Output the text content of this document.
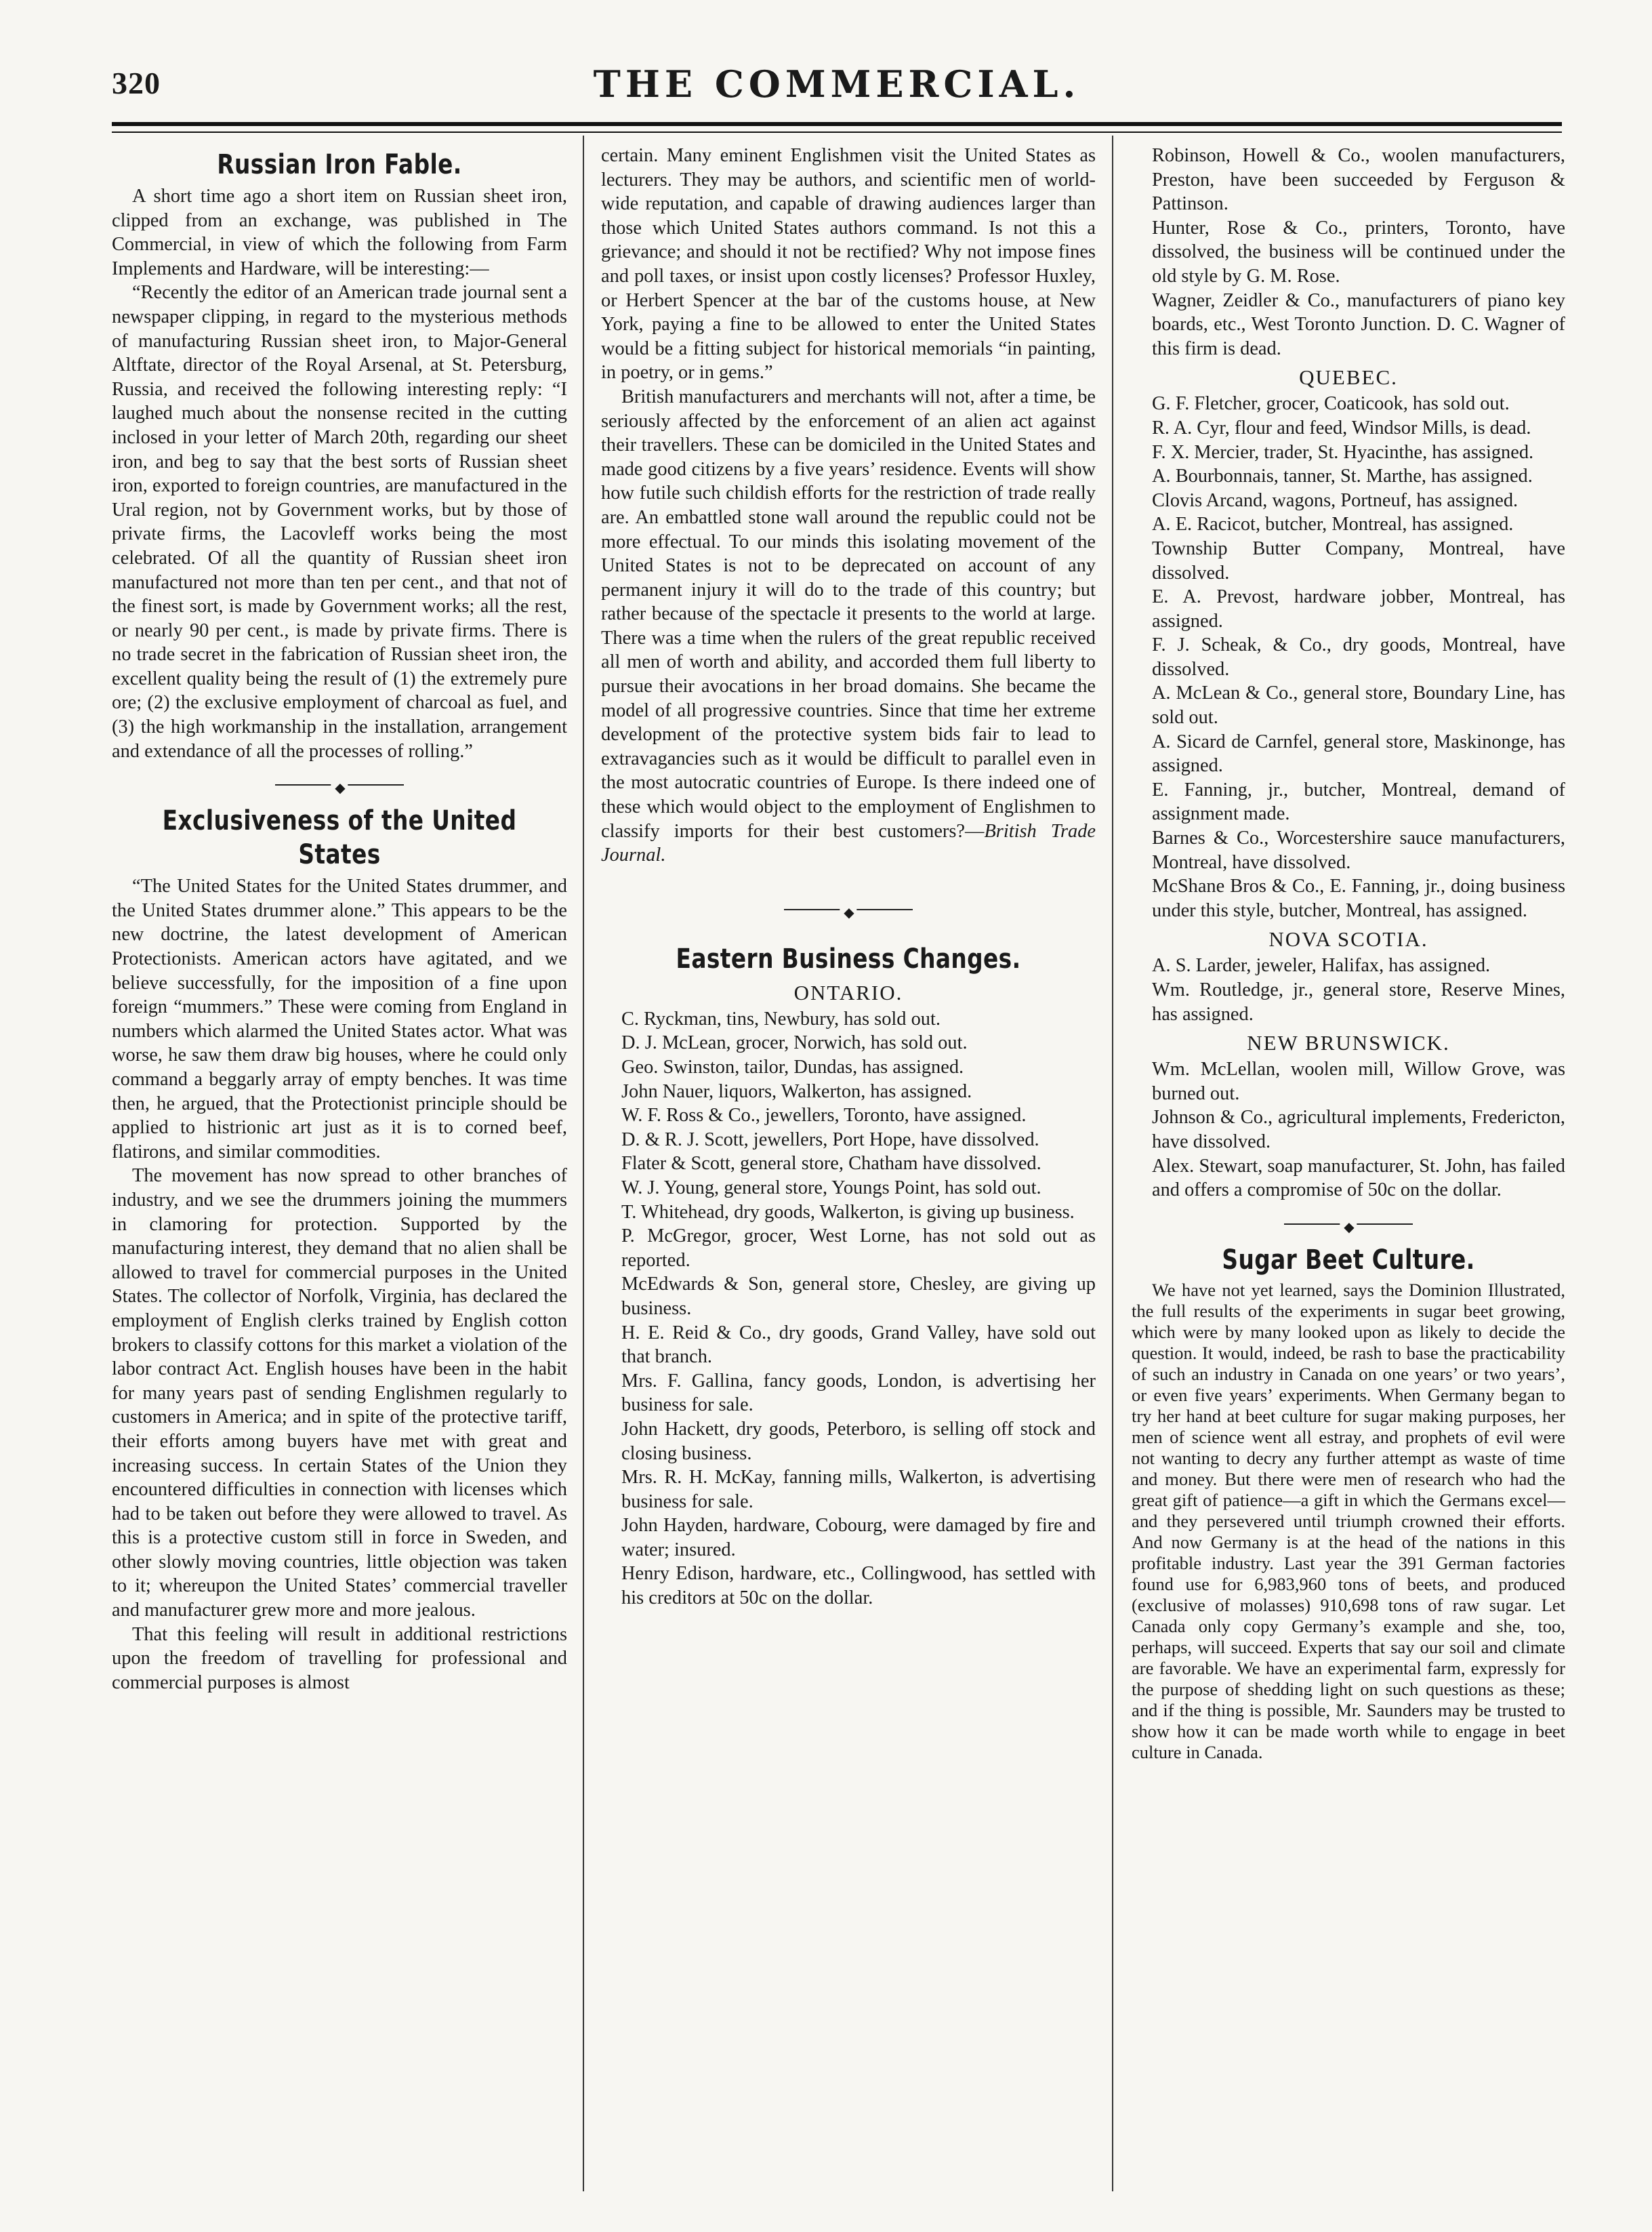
320	THE COMMERCIAL.
Russian Iron Fable.

A short time ago a short item on Russian sheet iron, clipped from an exchange, was published in The Commercial, in view of which the following from Farm Implements and Hardware, will be interesting:—

“Recently the editor of an American trade journal sent a newspaper clipping, in regard to the mysterious methods of manufacturing Russian sheet iron, to Major-General Altftate, director of the Royal Arsenal, at St. Petersburg, Russia, and received the following interesting reply: “I laughed much about the nonsense recited in the cutting inclosed in your letter of March 20th, regarding our sheet iron, and beg to say that the best sorts of Russian sheet iron, exported to foreign countries, are manufactured in the Ural region, not by Government works, but by those of private firms, the Lacovleff works being the most celebrated. Of all the quantity of Russian sheet iron manufactured not more than ten per cent., and that not of the finest sort, is made by Government works; all the rest, or nearly 90 per cent., is made by private firms. There is no trade secret in the fabrication of Russian sheet iron, the excellent quality being the result of (1) the extremely pure ore; (2) the exclusive employment of charcoal as fuel, and (3) the high workmanship in the installation, arrangement and extendance of all the processes of rolling.”

◆
Exclusiveness of the United States

“The United States for the United States drummer, and the United States drummer alone.” This appears to be the new doctrine, the latest development of American Protectionists. American actors have agitated, and we believe successfully, for the imposition of a fine upon foreign “mummers.” These were coming from England in numbers which alarmed the United States actor. What was worse, he saw them draw big houses, where he could only command a beggarly array of empty benches. It was time then, he argued, that the Protectionist principle should be applied to histrionic art just as it is to corned beef, flatirons, and similar commodities.

The movement has now spread to other branches of industry, and we see the drummers joining the mummers in clamoring for protection. Supported by the manufacturing interest, they demand that no alien shall be allowed to travel for commercial purposes in the United States. The collector of Norfolk, Virginia, has declared the employment of English clerks trained by English cotton brokers to classify cottons for this market a violation of the labor contract Act. English houses have been in the habit for many years past of sending Englishmen regularly to customers in America; and in spite of the protective tariff, their efforts among buyers have met with great and increasing success. In certain States of the Union they encountered difficulties in connection with licenses which had to be taken out before they were allowed to travel. As this is a protective custom still in force in Sweden, and other slowly moving countries, little objection was taken to it; whereupon the United States’ commercial traveller and manufacturer grew more and more jealous.

That this feeling will result in additional restrictions upon the freedom of travelling for professional and commercial purposes is almost

certain. Many eminent Englishmen visit the United States as lecturers. They may be authors, and scientific men of world-wide reputation, and capable of drawing audiences larger than those which United States authors command. Is not this a grievance; and should it not be rectified? Why not impose fines and poll taxes, or insist upon costly licenses? Professor Huxley, or Herbert Spencer at the bar of the customs house, at New York, paying a fine to be allowed to enter the United States would be a fitting subject for historical memorials “in painting, in poetry, or in gems.”

British manufacturers and merchants will not, after a time, be seriously affected by the enforcement of an alien act against their travellers. These can be domiciled in the United States and made good citizens by a five years’ residence. Events will show how futile such childish efforts for the restriction of trade really are. An embattled stone wall around the republic could not be more effectual. To our minds this isolating movement of the United States is not to be deprecated on account of any permanent injury it will do to the trade of this country; but rather because of the spectacle it presents to the world at large. There was a time when the rulers of the great republic received all men of worth and ability, and accorded them full liberty to pursue their avocations in her broad domains. She became the model of all progressive countries. Since that time her extreme development of the protective system bids fair to lead to extravagancies such as it would be difficult to parallel even in the most autocratic countries of Europe. Is there indeed one of these which would object to the employment of Englishmen to classify imports for their best customers?—British Trade Journal.

◆
Eastern Business Changes.
ONTARIO.

C. Ryckman, tins, Newbury, has sold out.

D. J. McLean, grocer, Norwich, has sold out.

Geo. Swinston, tailor, Dundas, has assigned.

John Nauer, liquors, Walkerton, has assigned.

W. F. Ross & Co., jewellers, Toronto, have assigned.

D. & R. J. Scott, jewellers, Port Hope, have dissolved.

Flater & Scott, general store, Chatham have dissolved.

W. J. Young, general store, Youngs Point, has sold out.

T. Whitehead, dry goods, Walkerton, is giving up business.

P. McGregor, grocer, West Lorne, has not sold out as reported.

McEdwards & Son, general store, Chesley, are giving up business.

H. E. Reid & Co., dry goods, Grand Valley, have sold out that branch.

Mrs. F. Gallina, fancy goods, London, is advertising her business for sale.

John Hackett, dry goods, Peterboro, is selling off stock and closing business.

Mrs. R. H. McKay, fanning mills, Walkerton, is advertising business for sale.

John Hayden, hardware, Cobourg, were damaged by fire and water; insured.

Henry Edison, hardware, etc., Collingwood, has settled with his creditors at 50c on the dollar.

Robinson, Howell & Co., woolen manufacturers, Preston, have been succeeded by Ferguson & Pattinson.

Hunter, Rose & Co., printers, Toronto, have dissolved, the business will be continued under the old style by G. M. Rose.

Wagner, Zeidler & Co., manufacturers of piano key boards, etc., West Toronto Junction. D. C. Wagner of this firm is dead.

QUEBEC.

G. F. Fletcher, grocer, Coaticook, has sold out.

R. A. Cyr, flour and feed, Windsor Mills, is dead.

F. X. Mercier, trader, St. Hyacinthe, has assigned.

A. Bourbonnais, tanner, St. Marthe, has assigned.

Clovis Arcand, wagons, Portneuf, has assigned.

A. E. Racicot, butcher, Montreal, has assigned.

Township Butter Company, Montreal, have dissolved.

E. A. Prevost, hardware jobber, Montreal, has assigned.

F. J. Scheak, & Co., dry goods, Montreal, have dissolved.

A. McLean & Co., general store, Boundary Line, has sold out.

A. Sicard de Carnfel, general store, Maskinonge, has assigned.

E. Fanning, jr., butcher, Montreal, demand of assignment made.

Barnes & Co., Worcestershire sauce manufacturers, Montreal, have dissolved.

McShane Bros & Co., E. Fanning, jr., doing business under this style, butcher, Montreal, has assigned.

NOVA SCOTIA.

A. S. Larder, jeweler, Halifax, has assigned.

Wm. Routledge, jr., general store, Reserve Mines, has assigned.

NEW BRUNSWICK.

Wm. McLellan, woolen mill, Willow Grove, was burned out.

Johnson & Co., agricultural implements, Fredericton, have dissolved.

Alex. Stewart, soap manufacturer, St. John, has failed and offers a compromise of 50c on the dollar.

◆
Sugar Beet Culture.

We have not yet learned, says the Dominion Illustrated, the full results of the experiments in sugar beet growing, which were by many looked upon as likely to decide the question. It would, indeed, be rash to base the practicability of such an industry in Canada on one years’ or two years’, or even five years’ experiments. When Germany began to try her hand at beet culture for sugar making purposes, her men of science went all estray, and prophets of evil were not wanting to decry any further attempt as waste of time and money. But there were men of research who had the great gift of patience—a gift in which the Germans excel—and they persevered until triumph crowned their efforts. And now Germany is at the head of the nations in this profitable industry. Last year the 391 German factories found use for 6,983,960 tons of beets, and produced (exclusive of molasses) 910,698 tons of raw sugar. Let Canada only copy Germany’s example and she, too, perhaps, will succeed. Experts that say our soil and climate are favorable. We have an experimental farm, expressly for the purpose of shedding light on such questions as these; and if the thing is possible, Mr. Saunders may be trusted to show how it can be made worth while to engage in beet culture in Canada.
